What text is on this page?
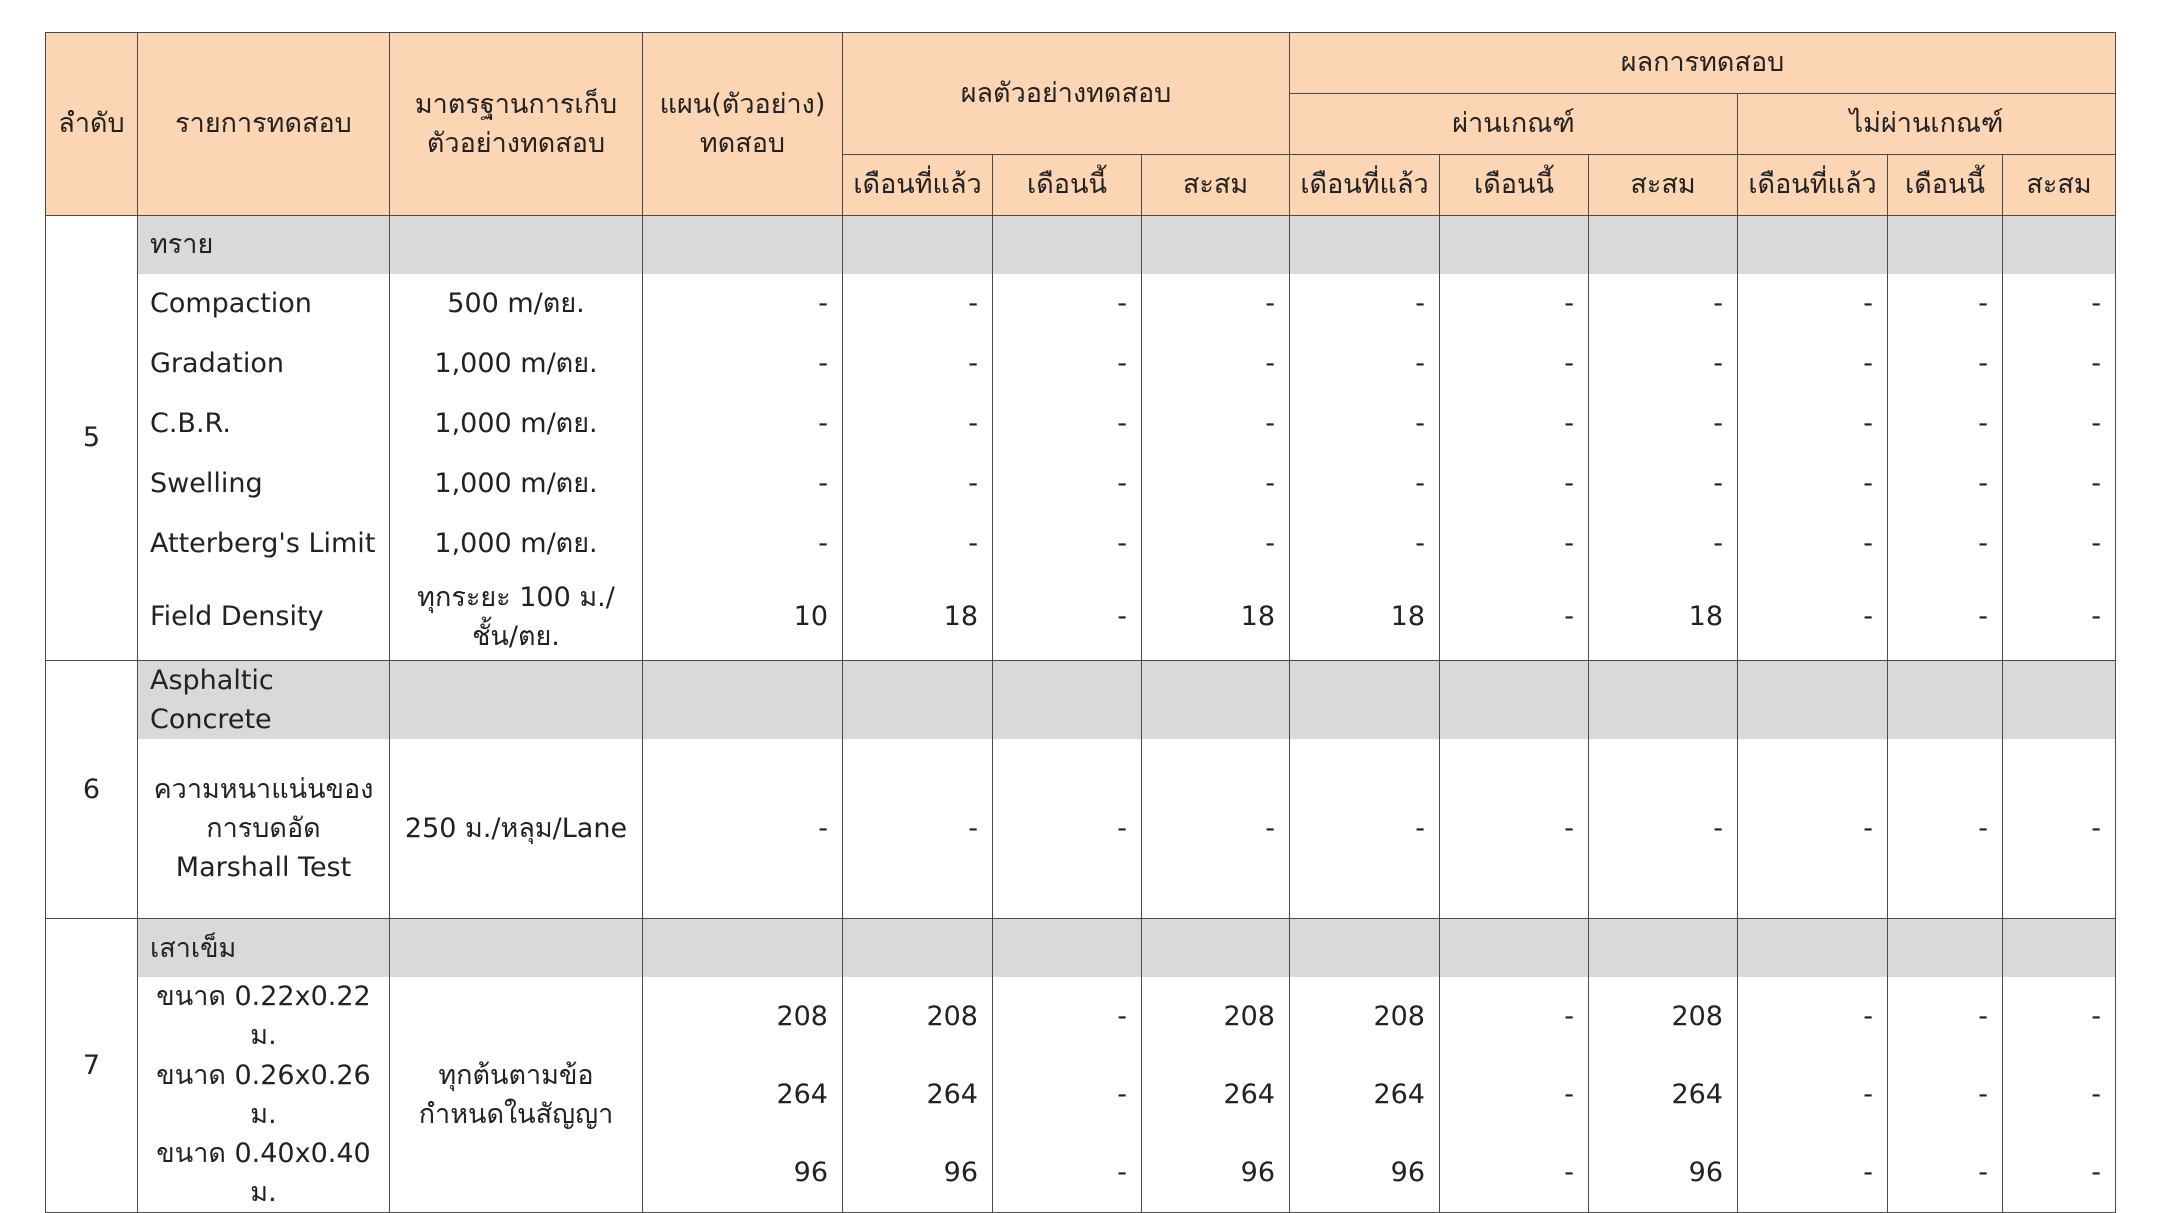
ลำดับ	รายการทดสอบ	มาตรฐานการเก็บตัวอย่างทดสอบ	แผน(ตัวอย่าง) ทดสอบ	ผลตัวอย่างทดสอบ			ผลการทดสอบ					
							ผ่านเกณฑ์			ไม่ผ่านเกณฑ์		
				เดือนที่แล้ว	เดือนนี้	สะสม	เดือนที่แล้ว	เดือนนี้	สะสม	เดือนที่แล้ว	เดือนนี้	สะสม
5	ทราย											
	Compaction	500 m/ตย.	-	-	-	-	-	-	-	-	-	-
	Gradation	1,000 m/ตย.	-	-	-	-	-	-	-	-	-	-
	C.B.R.	1,000 m/ตย.	-	-	-	-	-	-	-	-	-	-
	Swelling	1,000 m/ตย.	-	-	-	-	-	-	-	-	-	-
	Atterberg's Limit	1,000 m/ตย.	-	-	-	-	-	-	-	-	-	-
	Field Density	ทุกระยะ 100 ม./ชั้น/ตย.	10	18	-	18	18	-	18	-	-	-
6	Asphaltic Concrete											
	ความหนาแน่นของการบดอัด Marshall Test	250 ม./หลุม/Lane	-	-	-	-	-	-	-	-	-	-
7	เสาเข็ม											
	ขนาด 0.22x0.22 ม.	ทุกต้นตามข้อกำหนดในสัญญา	208	208	-	208	208	-	208	-	-	-
	ขนาด 0.26x0.26 ม.		264	264	-	264	264	-	264	-	-	-
	ขนาด 0.40x0.40 ม.		96	96	-	96	96	-	96	-	-	-
